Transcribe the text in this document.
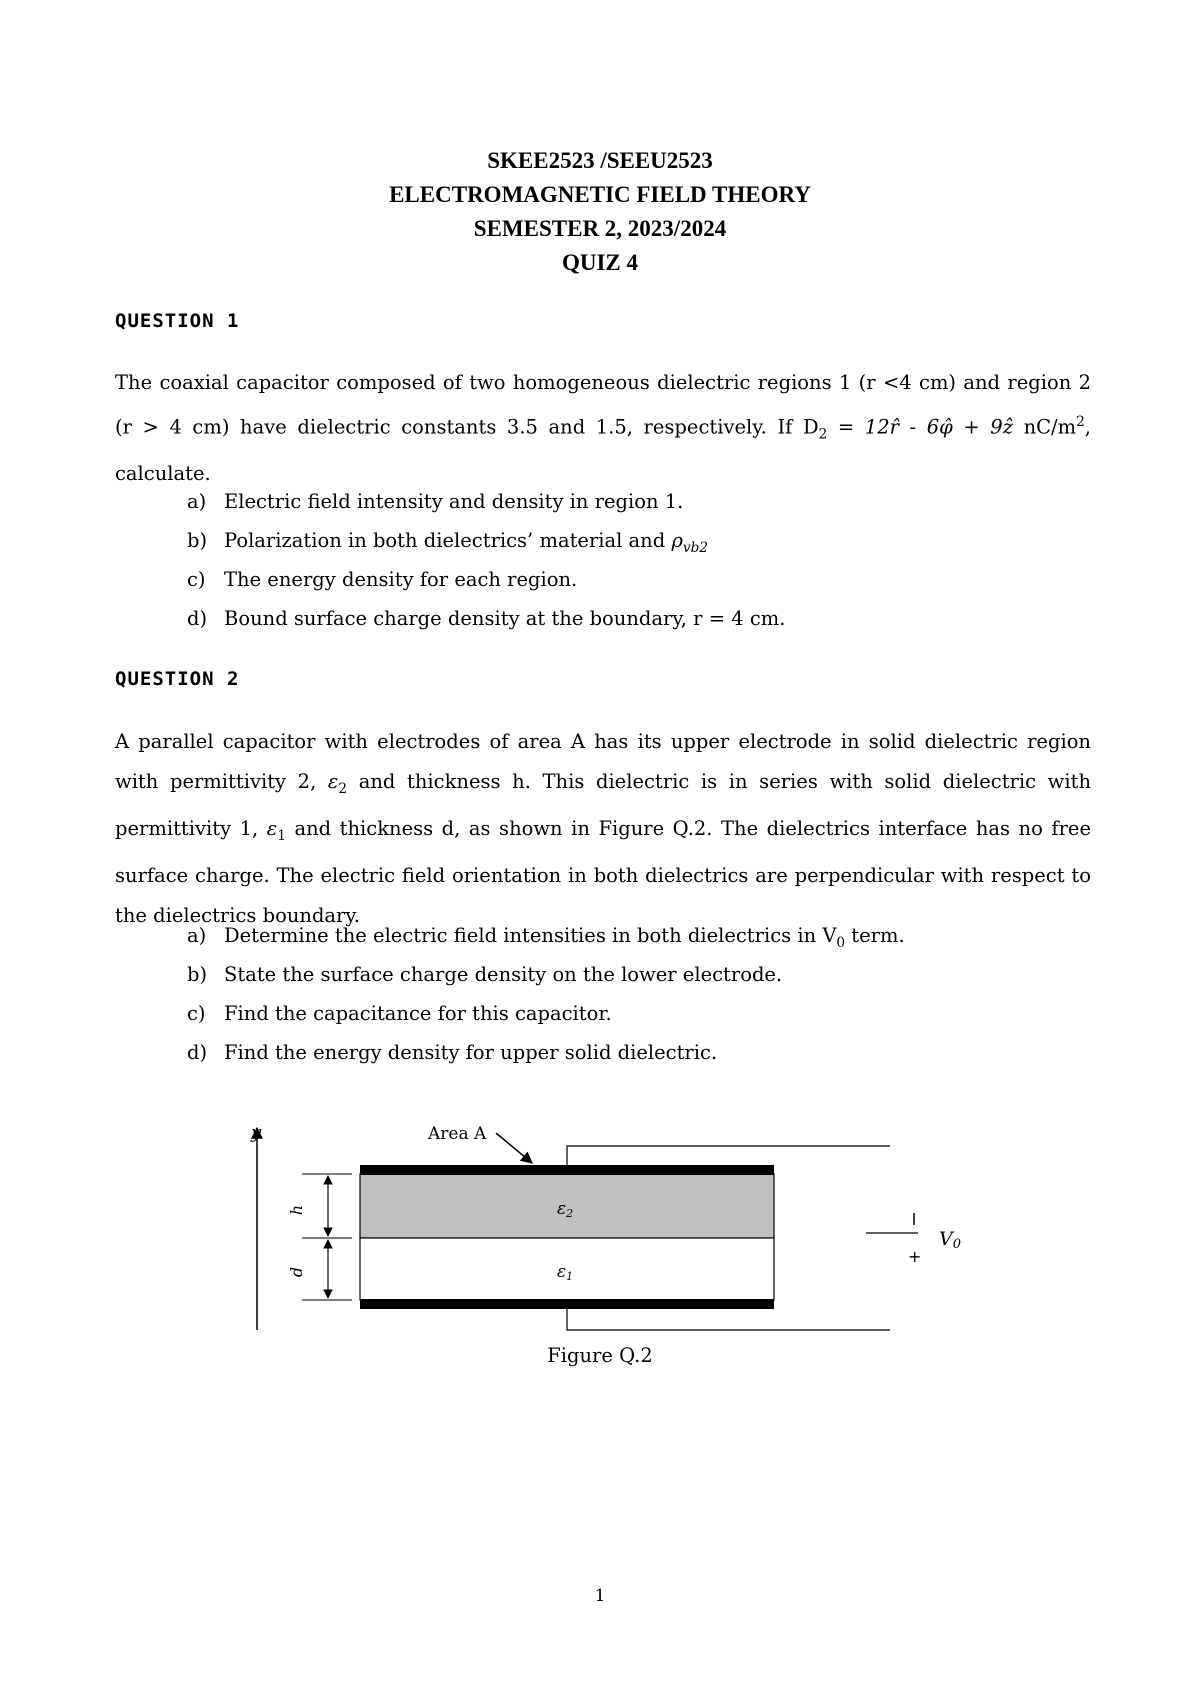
SKEE2523 /SEEU2523
ELECTROMAGNETIC FIELD THEORY
SEMESTER 2, 2023/2024
QUIZ 4
QUESTION 1
The coaxial capacitor composed of two homogeneous dielectric regions 1 (r <4 cm) and region 2 (r > 4 cm) have dielectric constants 3.5 and 1.5, respectively. If $D_2$ = 12r̂ - 6φ̂ + 9ẑ $nC/m^2$, calculate.
a) Electric field intensity and density in region 1.
b) Polarization in both dielectrics’ material and $\rho_{vb2}$
c) The energy density for each region.
d) Bound surface charge density at the boundary, r = 4 cm.
QUESTION 2
A parallel capacitor with electrodes of area A has its upper electrode in solid dielectric region with permittivity 2, $\varepsilon_2$ and thickness h. This dielectric is in series with solid dielectric with permittivity 1, $\varepsilon_1$ and thickness d, as shown in Figure Q.2. The dielectrics interface has no free surface charge. The electric field orientation in both dielectrics are perpendicular with respect to the dielectrics boundary.
a) Determine the electric field intensities in both dielectrics in $V_0$ term.
b) State the surface charge density on the lower electrode.
c) Find the capacitance for this capacitor.
d) Find the energy density for upper solid dielectric.
y
+
V0
Area A
h
d
ε2
ε1
Figure Q.2
1
